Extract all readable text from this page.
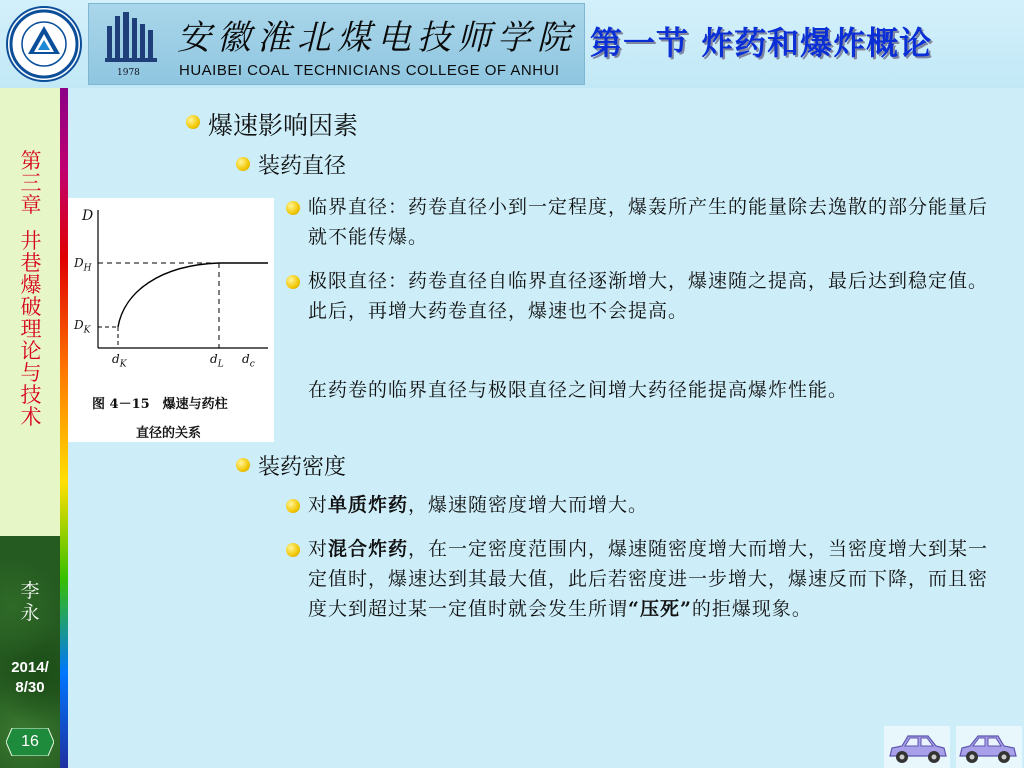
1978
安徽淮北煤电技师学院
HUAIBEI COAL TECHNICIANS COLLEGE OF ANHUI
第一节 炸药和爆炸概论
第
三
章
井
巷
爆
破
理
论
与
技
术
李
永
2014/
8/30
16
爆速影响因素
装药直径
D
$D_H$
$D_K$
$d_K$	$d_L$ $d_c$
图 4－15　爆速与药柱
直径的关系
临界直径：药卷直径小到一定程度，爆轰所产生的能量除去逸散的部分能量后就不能传爆。
极限直径：药卷直径自临界直径逐渐增大，爆速随之提高，最后达到稳定值。此后，再增大药卷直径，爆速也不会提高。
在药卷的临界直径与极限直径之间增大药径能提高爆炸性能。
装药密度
对单质炸药，爆速随密度增大而增大。
对混合炸药，在一定密度范围内，爆速随密度增大而增大，当密度增大到某一定值时，爆速达到其最大值，此后若密度进一步增大，爆速反而下降，而且密度大到超过某一定值时就会发生所谓“压死”的拒爆现象。
